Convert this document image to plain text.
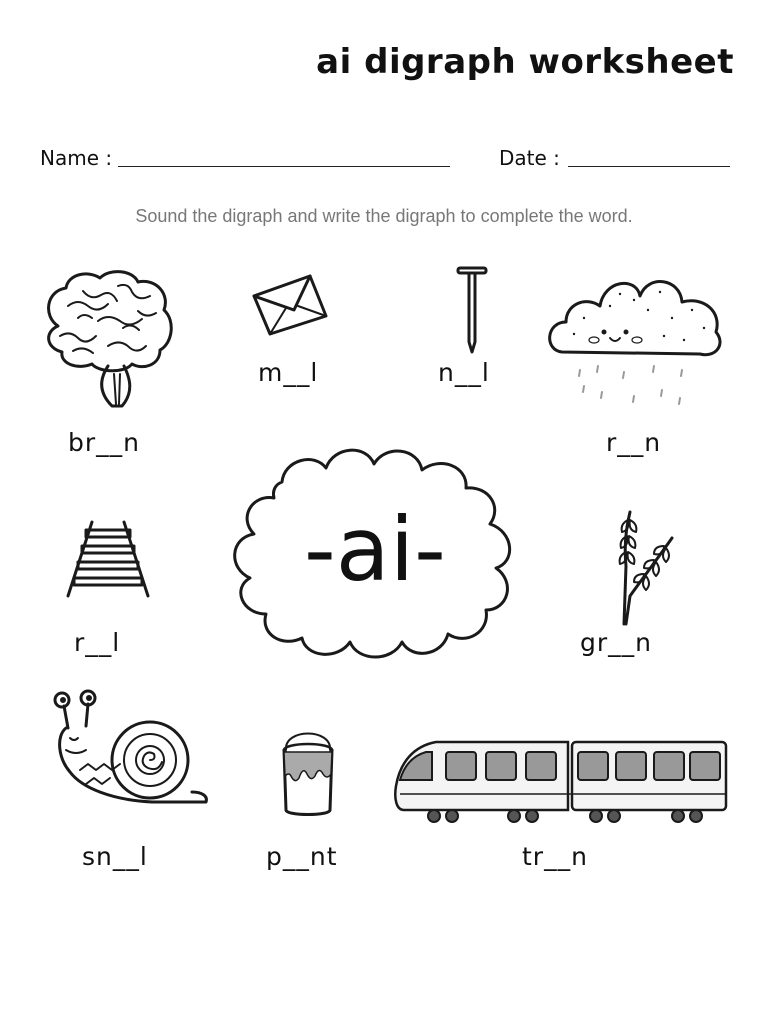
ai digraph worksheet
Name :	Date :
Sound the digraph and write the digraph to complete the word.
br__n
m__l	n__l
r__n
-ai-
r__l	gr__n
sn__l	p__nt	tr__n
